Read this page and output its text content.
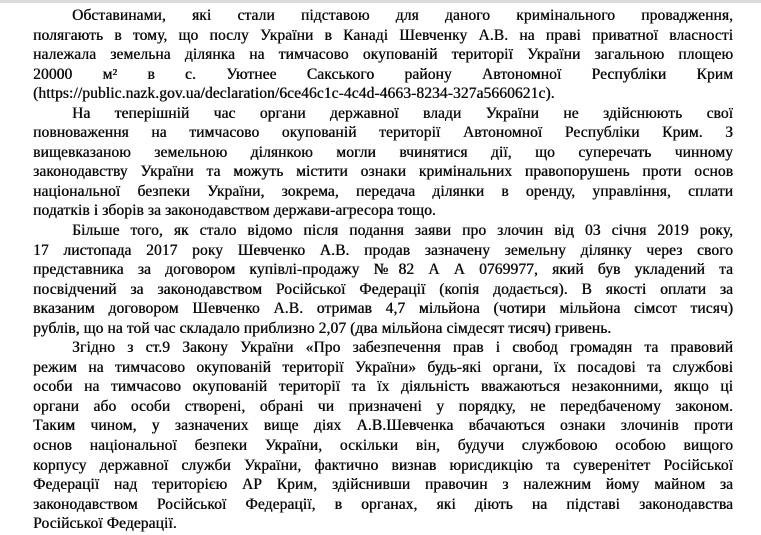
Обставинами, які стали підставою для даного кримінального провадження,
полягають в тому, що послу України в Канаді Шевченку А.В. на праві приватної власності
належала земельна ділянка на тимчасово окупованій території України загальною площею
20000 м² в с. Уютнее Сакського району Автономної Республіки Крим
(https://public.nazk.gov.ua/declaration/6ce46c1c-4c4d-4663-8234-327a5660621c).
На теперішній час органи державної влади України не здійснюють свої
повноваження на тимчасово окупованій території Автономної Республіки Крим. З
вищевказаною земельною ділянкою могли вчинятися дії, що суперечать чинному
законодавству України та можуть містити ознаки кримінальних правопорушень проти основ
національної безпеки України, зокрема, передача ділянки в оренду, управління, сплати
податків і зборів за законодавством держави-агресора тощо.
Більше того, як стало відомо після подання заяви про злочин від 03 січня 2019 року,
17 листопада 2017 року Шевченко А.В. продав зазначену земельну ділянку через свого
представника за договором купівлі-продажу №82 А А 0769977, який був укладений та
посвідчений за законодавством Російської Федерації (копія додається). В якості оплати за
вказаним договором Шевченко А.В. отримав 4,7 мільйона (чотири мільйона сімсот тисяч)
рублів, що на той час складало приблизно 2,07 (два мільйона сімдесят тисяч) гривень.
Згідно з ст.9 Закону України «Про забезпечення прав і свобод громадян та правовий
режим на тимчасово окупованій території України» будь-які органи, їх посадові та службові
особи на тимчасово окупованій території та їх діяльність вважаються незаконними, якщо ці
органи або особи створені, обрані чи призначені у порядку, не передбаченому законом.
Таким чином, у зазначених вище діях А.В.Шевченка вбачаються ознаки злочинів проти
основ національної безпеки України, оскільки він, будучи службовою особою вищого
корпусу державної служби України, фактично визнав юрисдикцію та суверенітет Російської
Федерації над територією АР Крим, здійснивши правочин з належним йому майном за
законодавством Російської Федерації, в органах, які діють на підставі законодавства
Російської Федерації.
